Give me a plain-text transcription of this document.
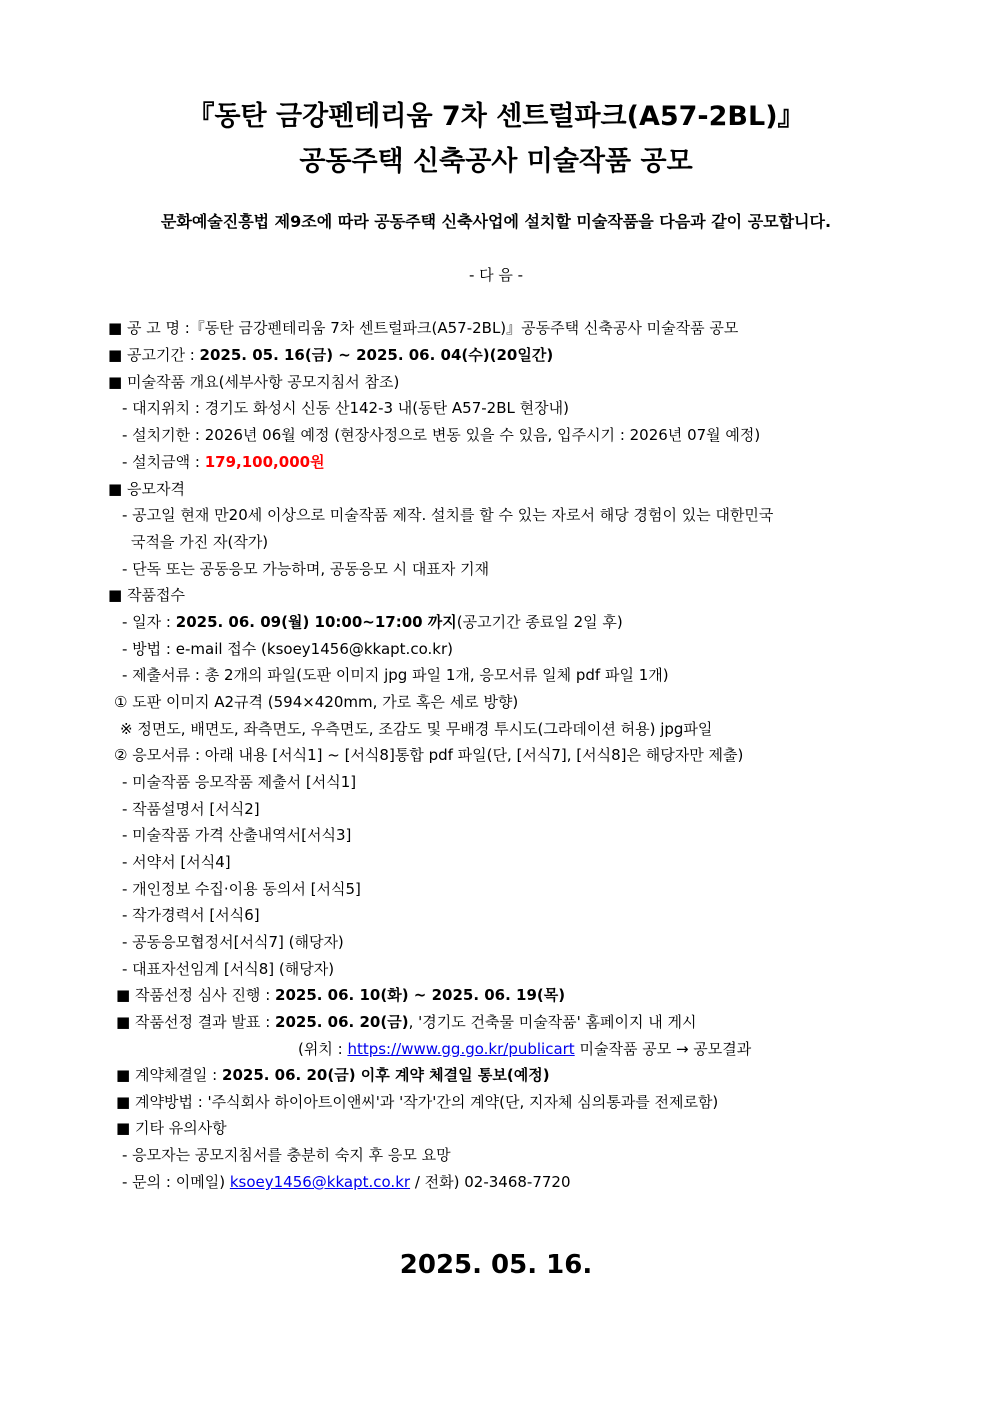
『동탄 금강펜테리움 7차 센트럴파크(A57-2BL)』
공동주택 신축공사 미술작품 공모
문화예술진흥법 제9조에 따라 공동주택 신축사업에 설치할 미술작품을 다음과 같이 공모합니다.
- 다 음 -
■ 공 고 명 :『동탄 금강펜테리움 7차 센트럴파크(A57-2BL)』공동주택 신축공사 미술작품 공모
■ 공고기간 : 2025. 05. 16(금) ~ 2025. 06. 04(수)(20일간)
■ 미술작품 개요(세부사항 공모지침서 참조)
- 대지위치 : 경기도 화성시 신동 산142-3 내(동탄 A57-2BL 현장내)
- 설치기한 : 2026년 06월 예정 (현장사정으로 변동 있을 수 있음, 입주시기 : 2026년 07월 예정)
- 설치금액 : 179,100,000원
■ 응모자격
- 공고일 현재 만20세 이상으로 미술작품 제작. 설치를 할 수 있는 자로서 해당 경험이 있는 대한민국
국적을 가진 자(작가)
- 단독 또는 공동응모 가능하며, 공동응모 시 대표자 기재
■ 작품접수
- 일자 : 2025. 06. 09(월) 10:00~17:00 까지(공고기간 종료일 2일 후)
- 방법 : e-mail 접수 (ksoey1456@kkapt.co.kr)
- 제출서류 : 총 2개의 파일(도판 이미지 jpg 파일 1개, 응모서류 일체 pdf 파일 1개)
① 도판 이미지 A2규격 (594×420mm, 가로 혹은 세로 방향)
※ 정면도, 배면도, 좌측면도, 우측면도, 조감도 및 무배경 투시도(그라데이션 허용) jpg파일
② 응모서류 : 아래 내용 [서식1] ~ [서식8]통합 pdf 파일(단, [서식7], [서식8]은 해당자만 제출)
- 미술작품 응모작품 제출서 [서식1]
- 작품설명서 [서식2]
- 미술작품 가격 산출내역서[서식3]
- 서약서 [서식4]
- 개인정보 수집·이용 동의서 [서식5]
- 작가경력서 [서식6]
- 공동응모협정서[서식7] (해당자)
- 대표자선임계 [서식8] (해당자)
■ 작품선정 심사 진행 : 2025. 06. 10(화) ~ 2025. 06. 19(목)
■ 작품선정 결과 발표 : 2025. 06. 20(금), '경기도 건축물 미술작품' 홈페이지 내 게시
(위치 : https://www.gg.go.kr/publicart 미술작품 공모 → 공모결과
■ 계약체결일 : 2025. 06. 20(금) 이후 계약 체결일 통보(예정)
■ 계약방법 : '주식회사 하이아트이앤씨'과 '작가'간의 계약(단, 지자체 심의통과를 전제로함)
■ 기타 유의사항
- 응모자는 공모지침서를 충분히 숙지 후 응모 요망
- 문의 : 이메일) ksoey1456@kkapt.co.kr / 전화) 02-3468-7720
2025. 05. 16.
